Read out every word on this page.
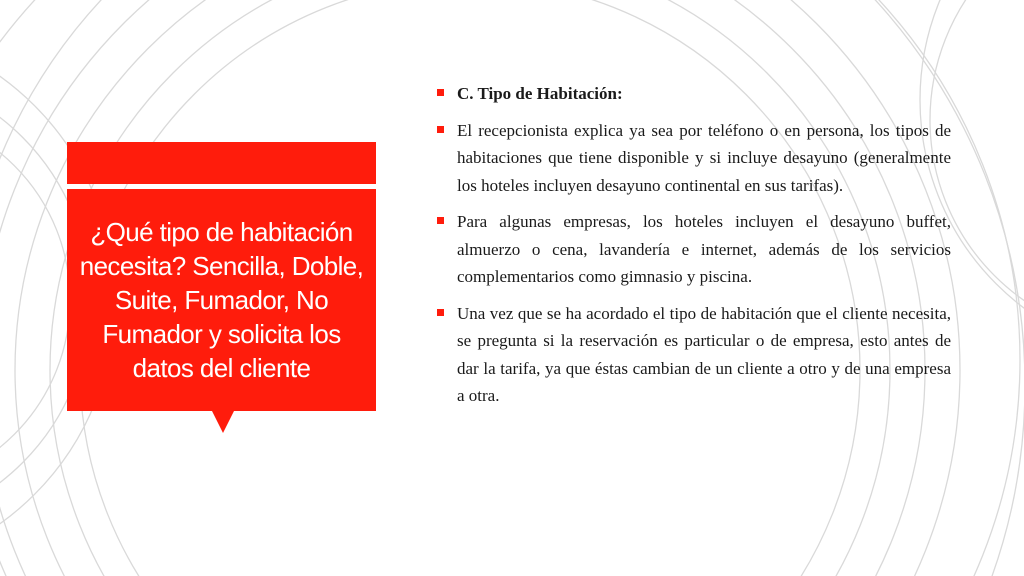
¿Qué tipo de habitación necesita? Sencilla, Doble, Suite, Fumador, No Fumador y solicita los datos del cliente
C. Tipo de Habitación:
El recepcionista explica ya sea por teléfono o en persona, los tipos de habitaciones que tiene disponible y si incluye desayuno (generalmente los hoteles incluyen desayuno continental en sus tarifas).
Para algunas empresas, los hoteles incluyen el desayuno buffet, almuerzo o cena, lavandería e internet, además de los servicios complementarios como gimnasio y piscina.
Una vez que se ha acordado el tipo de habitación que el cliente necesita, se pregunta si la reservación es particular o de empresa, esto antes de dar la tarifa, ya que éstas cambian de un cliente a otro y de una empresa a otra.
